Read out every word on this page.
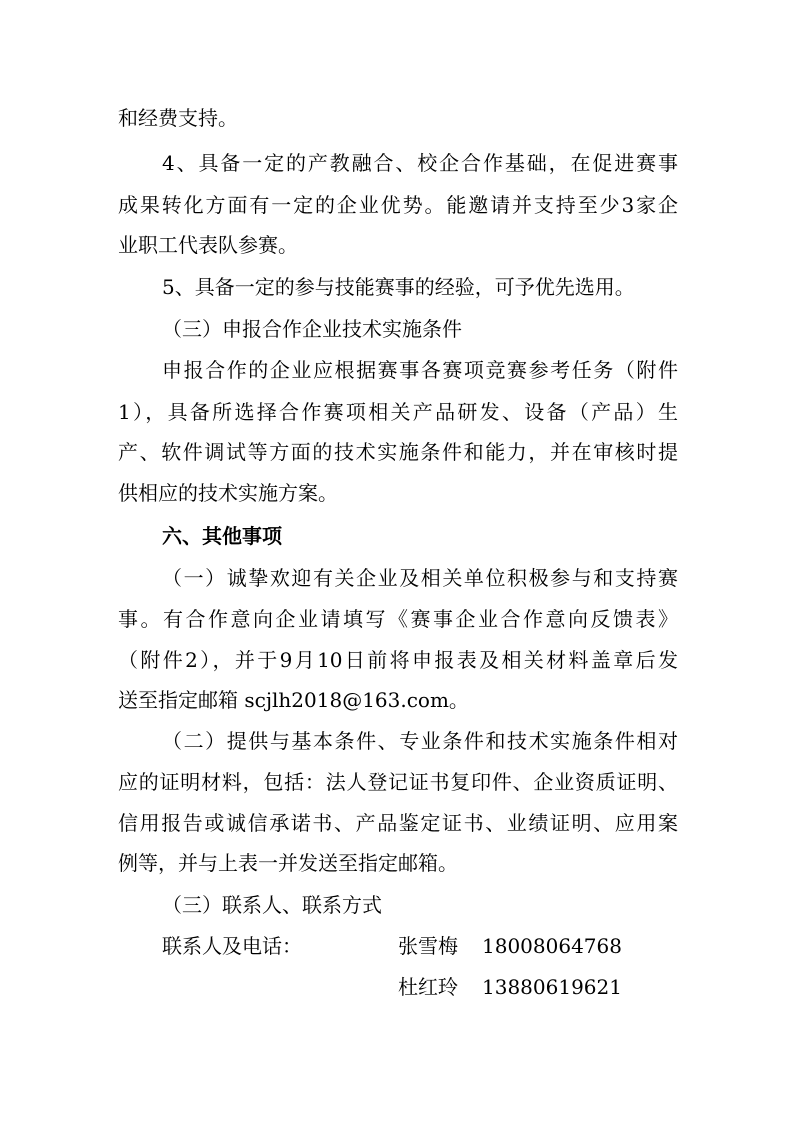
和经费支持。
4、具备一定的产教融合、校企合作基础，在促进赛事
成果转化方面有一定的企业优势。能邀请并支持至少3家企
业职工代表队参赛。
5、具备一定的参与技能赛事的经验，可予优先选用。
（三）申报合作企业技术实施条件
申报合作的企业应根据赛事各赛项竞赛参考任务（附件
1），具备所选择合作赛项相关产品研发、设备（产品）生
产、软件调试等方面的技术实施条件和能力，并在审核时提
供相应的技术实施方案。
六、其他事项
（一）诚挚欢迎有关企业及相关单位积极参与和支持赛
事。有合作意向企业请填写《赛事企业合作意向反馈表》
（附件2），并于9月10日前将申报表及相关材料盖章后发
送至指定邮箱 scjlh2018@163.com。
（二）提供与基本条件、专业条件和技术实施条件相对
应的证明材料，包括：法人登记证书复印件、企业资质证明、
信用报告或诚信承诺书、产品鉴定证书、业绩证明、应用案
例等，并与上表一并发送至指定邮箱。
（三）联系人、联系方式
联系人及电话：	张雪梅 18008064768
杜红玲 13880619621
